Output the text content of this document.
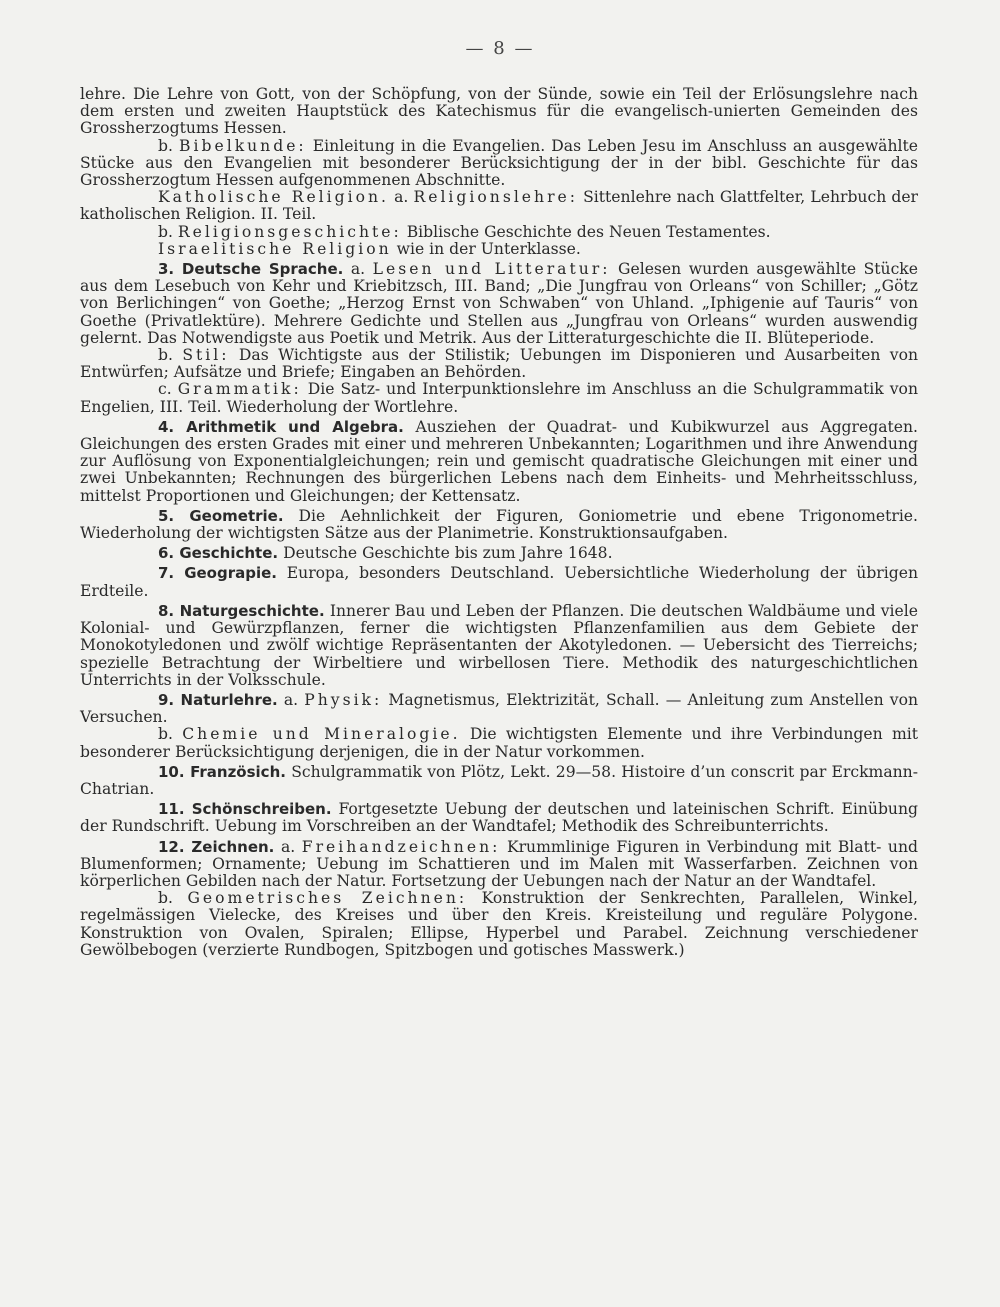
— 8 —

lehre. Die Lehre von Gott, von der Schöpfung, von der Sünde, sowie ein Teil der Erlösungslehre nach dem ersten und zweiten Hauptstück des Katechismus für die evangelisch-unierten Gemeinden des Grossherzogtums Hessen.

b. Bibelkunde: Einleitung in die Evangelien. Das Leben Jesu im Anschluss an ausgewählte Stücke aus den Evangelien mit besonderer Berücksichtigung der in der bibl. Geschichte für das Grossherzogtum Hessen aufgenommenen Abschnitte.

Katholische Religion. a. Religionslehre: Sittenlehre nach Glattfelter, Lehrbuch der katholischen Religion. II. Teil.

b. Religionsgeschichte: Biblische Geschichte des Neuen Testamentes.

Israelitische Religion wie in der Unterklasse.

3. Deutsche Sprache. a. Lesen und Litteratur: Gelesen wurden ausgewählte Stücke aus dem Lesebuch von Kehr und Kriebitzsch, III. Band; „Die Jungfrau von Orleans“ von Schiller; „Götz von Berlichingen“ von Goethe; „Herzog Ernst von Schwaben“ von Uhland. „Iphigenie auf Tauris“ von Goethe (Privatlektüre). Mehrere Gedichte und Stellen aus „Jungfrau von Orleans“ wurden auswendig gelernt. Das Notwendigste aus Poetik und Metrik. Aus der Litteraturgeschichte die II. Blüteperiode.

b. Stil: Das Wichtigste aus der Stilistik; Uebungen im Disponieren und Ausarbeiten von Entwürfen; Aufsätze und Briefe; Eingaben an Behörden.

c. Grammatik: Die Satz- und Interpunktionslehre im Anschluss an die Schulgrammatik von Engelien, III. Teil. Wiederholung der Wortlehre.

4. Arithmetik und Algebra. Ausziehen der Quadrat- und Kubikwurzel aus Aggregaten. Gleichungen des ersten Grades mit einer und mehreren Unbekannten; Logarithmen und ihre Anwendung zur Auflösung von Exponentialgleichungen; rein und gemischt quadratische Gleichungen mit einer und zwei Unbekannten; Rechnungen des bürgerlichen Lebens nach dem Einheits- und Mehrheitsschluss, mittelst Proportionen und Gleichungen; der Kettensatz.

5. Geometrie. Die Aehnlichkeit der Figuren, Goniometrie und ebene Trigonometrie. Wiederholung der wichtigsten Sätze aus der Planimetrie. Konstruktionsaufgaben.

6. Geschichte. Deutsche Geschichte bis zum Jahre 1648.

7. Geograpie. Europa, besonders Deutschland. Uebersichtliche Wiederholung der übrigen Erdteile.

8. Naturgeschichte. Innerer Bau und Leben der Pflanzen. Die deutschen Waldbäume und viele Kolonial- und Gewürzpflanzen, ferner die wichtigsten Pflanzenfamilien aus dem Gebiete der Monokotyledonen und zwölf wichtige Repräsentanten der Akotyledonen. — Uebersicht des Tierreichs; spezielle Betrachtung der Wirbeltiere und wirbellosen Tiere. Methodik des naturgeschichtlichen Unterrichts in der Volksschule.

9. Naturlehre. a. Physik: Magnetismus, Elektrizität, Schall. — Anleitung zum Anstellen von Versuchen.

b. Chemie und Mineralogie. Die wichtigsten Elemente und ihre Verbindungen mit besonderer Berücksichtigung derjenigen, die in der Natur vorkommen.

10. Französich. Schulgrammatik von Plötz, Lekt. 29—58. Histoire d’un conscrit par Erckmann-Chatrian.

11. Schönschreiben. Fortgesetzte Uebung der deutschen und lateinischen Schrift. Einübung der Rundschrift. Uebung im Vorschreiben an der Wandtafel; Methodik des Schreibunterrichts.

12. Zeichnen. a. Freihandzeichnen: Krummlinige Figuren in Verbindung mit Blatt- und Blumenformen; Ornamente; Uebung im Schattieren und im Malen mit Wasserfarben. Zeichnen von körperlichen Gebilden nach der Natur. Fortsetzung der Uebungen nach der Natur an der Wandtafel.

b. Geometrisches Zeichnen: Konstruktion der Senkrechten, Parallelen, Winkel, regelmässigen Vielecke, des Kreises und über den Kreis. Kreisteilung und reguläre Polygone. Konstruktion von Ovalen, Spiralen; Ellipse, Hyperbel und Parabel. Zeichnung verschiedener Gewölbebogen (verzierte Rundbogen, Spitzbogen und gotisches Masswerk.)
